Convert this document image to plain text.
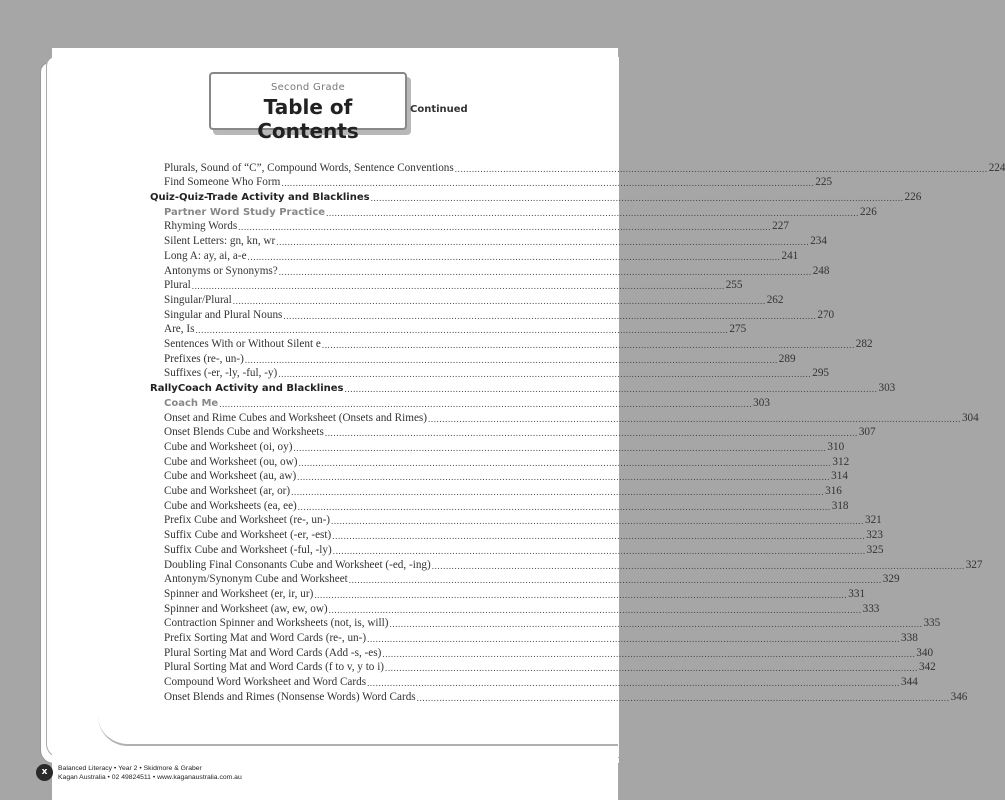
Second Grade
Table of Contents
Continued
Plurals, Sound of “C”, Compound Words, Sentence Conventions ........................................................................................................................................................................................... 224
Find Someone Who Form ........................................................................................................................................................................................... 225
Quiz-Quiz-Trade Activity and Blacklines ........................................................................................................................................................................................... 226
Partner Word Study Practice ........................................................................................................................................................................................... 226
Rhyming Words ........................................................................................................................................................................................... 227
Silent Letters: gn, kn, wr ........................................................................................................................................................................................... 234
Long A: ay, ai, a-e ........................................................................................................................................................................................... 241
Antonyms or Synonyms? ........................................................................................................................................................................................... 248
Plural ........................................................................................................................................................................................... 255
Singular/Plural ........................................................................................................................................................................................... 262
Singular and Plural Nouns ........................................................................................................................................................................................... 270
Are, Is ........................................................................................................................................................................................... 275
Sentences With or Without Silent e ........................................................................................................................................................................................... 282
Prefixes (re-, un-) ........................................................................................................................................................................................... 289
Suffixes (-er, -ly, -ful, -y) ........................................................................................................................................................................................... 295
RallyCoach Activity and Blacklines ........................................................................................................................................................................................... 303
Coach Me ........................................................................................................................................................................................... 303
Onset and Rime Cubes and Worksheet (Onsets and Rimes) ........................................................................................................................................................................................... 304
Onset Blends Cube and Worksheets ........................................................................................................................................................................................... 307
Cube and Worksheet (oi, oy) ........................................................................................................................................................................................... 310
Cube and Worksheet (ou, ow) ........................................................................................................................................................................................... 312
Cube and Worksheet (au, aw) ........................................................................................................................................................................................... 314
Cube and Worksheet (ar, or) ........................................................................................................................................................................................... 316
Cube and Worksheets (ea, ee) ........................................................................................................................................................................................... 318
Prefix Cube and Worksheet (re-, un-) ........................................................................................................................................................................................... 321
Suffix Cube and Worksheet (-er, -est) ........................................................................................................................................................................................... 323
Suffix Cube and Worksheet (-ful, -ly) ........................................................................................................................................................................................... 325
Doubling Final Consonants Cube and Worksheet (-ed, -ing) ........................................................................................................................................................................................... 327
Antonym/Synonym Cube and Worksheet ........................................................................................................................................................................................... 329
Spinner and Worksheet (er, ir, ur) ........................................................................................................................................................................................... 331
Spinner and Worksheet (aw, ew, ow) ........................................................................................................................................................................................... 333
Contraction Spinner and Worksheets (not, is, will) ........................................................................................................................................................................................... 335
Prefix Sorting Mat and Word Cards (re-, un-) ........................................................................................................................................................................................... 338
Plural Sorting Mat and Word Cards (Add -s, -es) ........................................................................................................................................................................................... 340
Plural Sorting Mat and Word Cards (f to v, y to i) ........................................................................................................................................................................................... 342
Compound Word Worksheet and Word Cards ........................................................................................................................................................................................... 344
Onset Blends and Rimes (Nonsense Words) Word Cards ........................................................................................................................................................................................... 346
x	Balanced Literacy • Year 2 • Skidmore & Graber
Kagan Australia • 02 49824511 • www.kaganaustralia.com.au
